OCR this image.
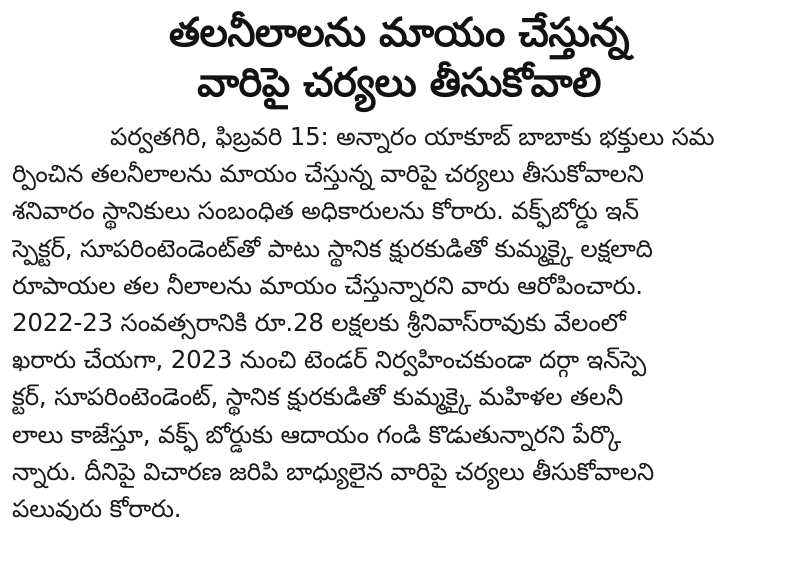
తలనీలాలను మాయం చేస్తున్న
వారిపై చర్యలు తీసుకోవాలి
పర్వతగిరి, ఫిబ్రవరి 15: అన్నారం యాకూబ్ బాబాకు భక్తులు సమ
ర్పించిన తలనీలాలను మాయం చేస్తున్న వారిపై చర్యలు తీసుకోవాలని
శనివారం స్థానికులు సంబంధిత అధికారులను కోరారు. వక్ఫ్‌బోర్డు ఇన్
స్పెక్టర్, సూపరింటెండెంట్‌తో పాటు స్థానిక క్షురకుడితో కుమ్మక్కై లక్షలాది
రూపాయల తల నీలాలను మాయం చేస్తున్నారని వారు ఆరోపించారు.
2022-23 సంవత్సరానికి రూ.28 లక్షలకు శ్రీనివాస్‌రావుకు వేలంలో
ఖరారు చేయగా, 2023 నుంచి టెండర్ నిర్వహించకుండా దర్గా ఇన్‌స్పె
క్టర్, సూపరింటెండెంట్, స్థానిక క్షురకుడితో కుమ్మక్కై మహిళల తలనీ
లాలు కాజేస్తూ, వక్ఫ్ బోర్డుకు ఆదాయం గండి కొడుతున్నారని పేర్కొ
న్నారు. దీనిపై విచారణ జరిపి బాధ్యులైన వారిపై చర్యలు తీసుకోవాలని
పలువురు కోరారు.
